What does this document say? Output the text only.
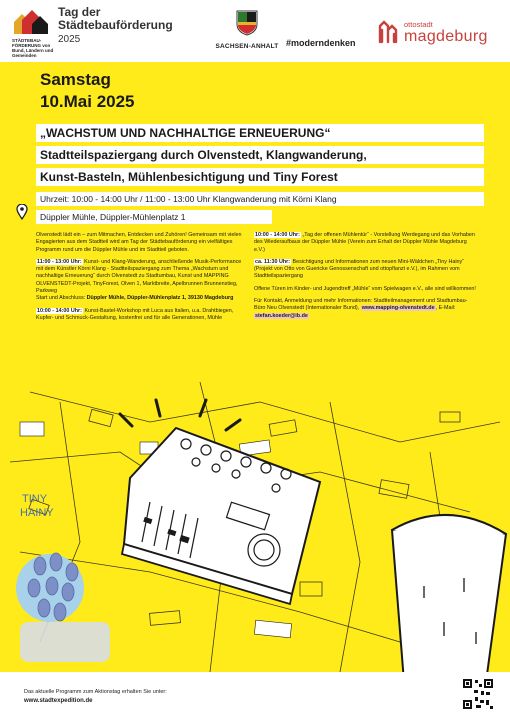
STÄDTEBAU-FÖRDERUNG von Bund, Ländern und Gemeinden
Tag der Städtebauförderung
2025
SACHSEN-ANHALT #moderndenken
ottostadt
magdeburg
Samstag
10.Mai 2025
„WACHSTUM UND NACHHALTIGE ERNEUERUNG“
Stadtteilspaziergang durch Olvenstedt, Klangwanderung,
Kunst-Basteln, Mühlenbesichtigung und Tiny Forest
Uhrzeit: 10:00 - 14:00 Uhr / 11:00 - 13:00 Uhr Klangwanderung mit Körni Klang
Düppler Mühle, Düppler-Mühlenplatz 1

Olvenstedt lädt ein – zum Mitmachen, Entdecken und Zuhören! Gemeinsam mit vielen Engagierten aus dem Stadtteil wird am Tag der Städtebauförderung ein vielfältiges Programm rund um die Düppler Mühle und im Stadtteil geboten.

11:00 - 13:00 Uhr: Kunst- und Klang-Wanderung, anschließende Musik-Performance mit dem Künstler Körni Klang - Stadtteilspaziergang zum Thema „Wachstum und nachhaltige Erneuerung“ durch Olvenstedt zu Stadtumbau, Kunst und MAPPING OLVENSTEDT-Projekt, TinyForest, Olven 1, Marktbreite, Apelbrunnen Brunnenstieg, Parkweg
Start und Abschluss: Düppler Mühle, Düppler-Mühlenplatz 1, 39130 Magdeburg

10:00 - 14:00 Uhr: Kunst-Bastel-Workshop mit Luca aus Italien, u.a. Drahtbiegen, Kupfer- und Schmuck-Gestaltung, kostenfrei und für alle Generationen, Mühle

10:00 - 14:00 Uhr: „Tag der offenen Mühlentür“ - Vorstellung Werdegang und das Vorhaben des Wiederaufbaus der Düppler Mühle (Verein zum Erhalt der Düppler Mühle Magdeburg e.V.)

ca. 11:30 Uhr: Besichtigung und Informationen zum neuen Mini-Wäldchen „Tiny Hainy“ (Projekt von Otto von Guericke Genossenschaft und ottopflanzt e.V.), im Rahmen vom Stadtteilspaziergang

Offene Türen im Kinder- und Jugendtreff „Mühle“ vom Spielwagen e.V., alle sind willkommen!

Für Kontakt, Anmeldung und mehr Informationen: Stadtteilmanagement und Stadtumbau-Büro Neu Olvenstedt (Internationaler Bund), www.mapping-olvenstedt.de, E-Mail: stefan.koeder@ib.de

TINY
HAINY
Das aktuelle Programm zum Aktionstag erhalten Sie unter:
www.stadtexpedition.de
